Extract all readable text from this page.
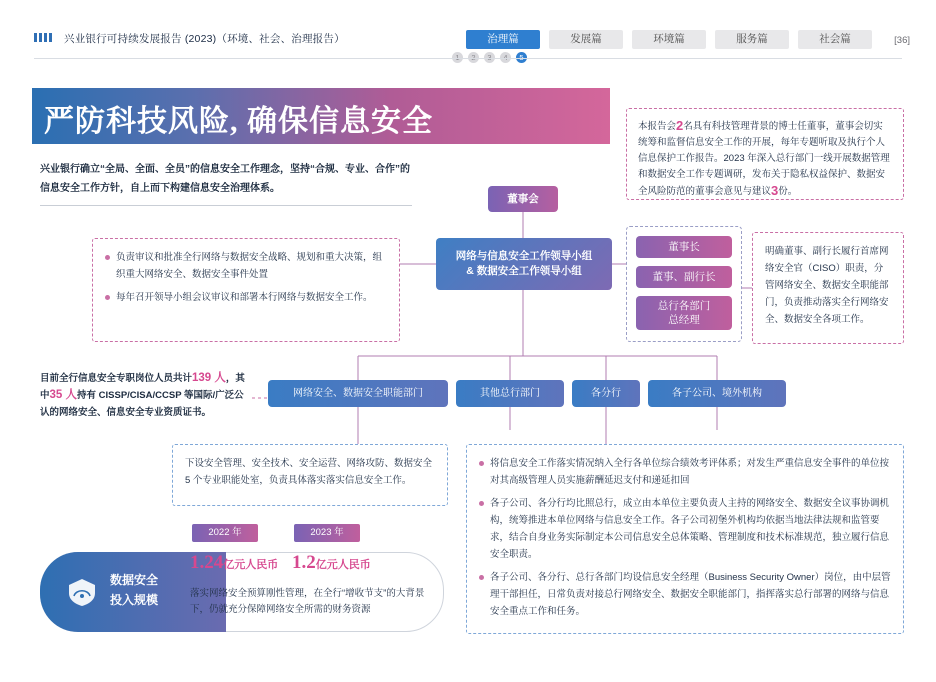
兴业银行可持续发展报告 (2023)（环境、社会、治理报告）	治理篇	发展篇	环境篇	服务篇	社会篇	[36]
严防科技风险, 确保信息安全
兴业银行确立“全局、全面、全员”的信息安全工作理念，坚持“合规、专业、合作”的信息安全工作方针，自上而下构建信息安全治理体系。
本报告会2名具有科技管理背景的博士任董事，董事会切实统筹和监督信息安全工作的开展，每年专题听取及执行个人信息保护工作报告。2023 年深入总行部门一线开展数据管理和数据安全工作专题调研，发布关于隐私权益保护、数据安全风险防范的董事会意见与建议3份。
董事会
网络与信息安全工作领导小组
& 数据安全工作领导小组
董事长
董事、副行长
总行各部门
总经理
网络安全、数据安全职能部门	其他总行部门	各分行	各子公司、境外机构
负责审议和批准全行网络与数据安全战略、规划和重大决策，组织重大网络安全、数据安全事件处置
每年召开领导小组会议审议和部署本行网络与数据安全工作。
明确董事、副行长履行首席网络安全官（CISO）职责，分管网络安全、数据安全职能部门，负责推动落实全行网络安全、数据安全各项工作。
目前全行信息安全专职岗位人员共计139 人，其中35 人持有 CISSP/CISA/CCSP 等国际/广泛公认的网络安全、信息安全专业资质证书。
下设安全管理、安全技术、安全运营、网络攻防、数据安全 5 个专业职能处室，负责具体落实落实信息安全工作。
将信息安全工作落实情况纳入全行各单位综合绩效考评体系；对发生严重信息安全事件的单位按对其高级管理人员实施薪酬延迟支付和递延扣回
各子公司、各分行均比照总行，成立由本单位主要负责人主持的网络安全、数据安全议事协调机构，统筹推进本单位网络与信息安全工作。各子公司初堡外机构均依据当地法律法规和监管要求，结合自身业务实际制定本公司信息安全总体策略、管理制度和技术标准规范，独立履行信息安全职责。
各子公司、各分行、总行各部门均设信息安全经理（Business Security Owner）岗位，由中层管理干部担任，日常负责对接总行网络安全、数据安全职能部门，指挥落实总行部署的网络与信息安全重点工作和任务。
数据安全
投入规模
2022 年	2023 年
1.24亿元人民币 1.2亿元人民币
落实网络安全预算刚性管理，在全行“增收节支”的大背景下，仍就充分保障网络安全所需的财务资源
